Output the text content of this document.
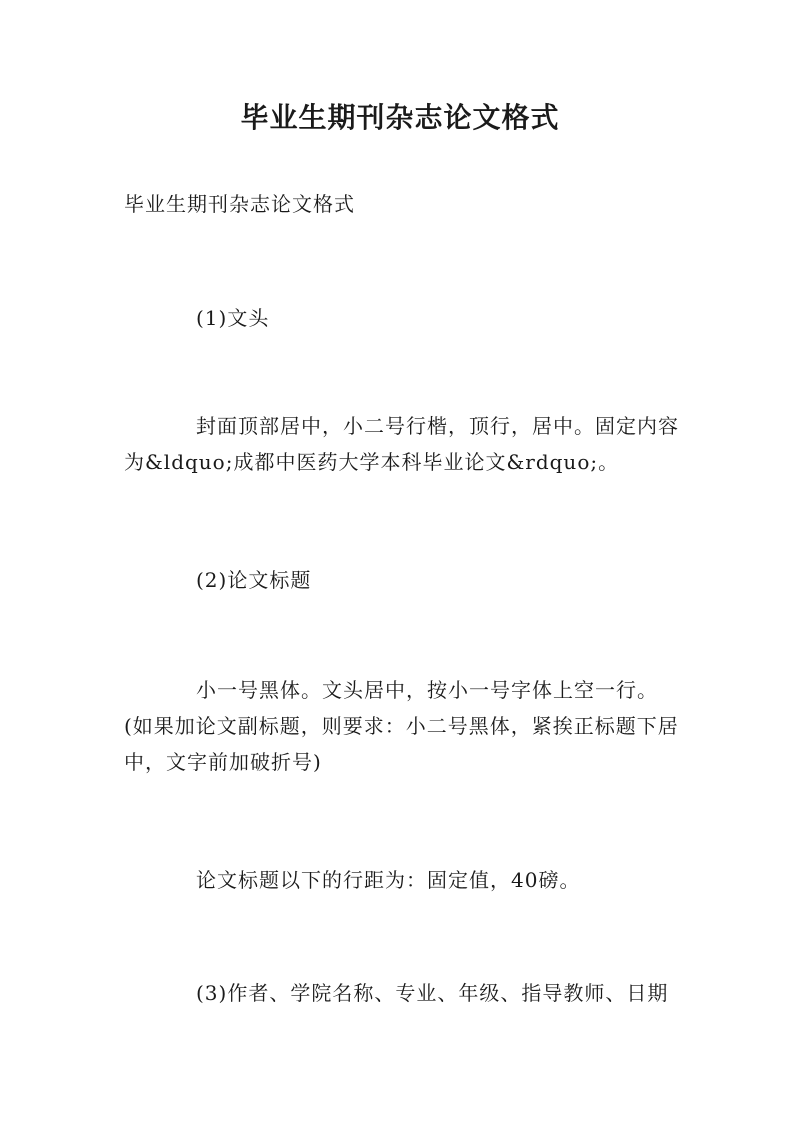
毕业生期刊杂志论文格式

毕业生期刊杂志论文格式

(1)文头

封面顶部居中，小二号行楷，顶行，居中。固定内容为&ldquo;成都中医药大学本科毕业论文&rdquo;。

(2)论文标题

小一号黑体。文头居中，按小一号字体上空一行。(如果加论文副标题，则要求：小二号黑体，紧挨正标题下居中，文字前加破折号)

论文标题以下的行距为：固定值，40磅。

(3)作者、学院名称、专业、年级、指导教师、日期
